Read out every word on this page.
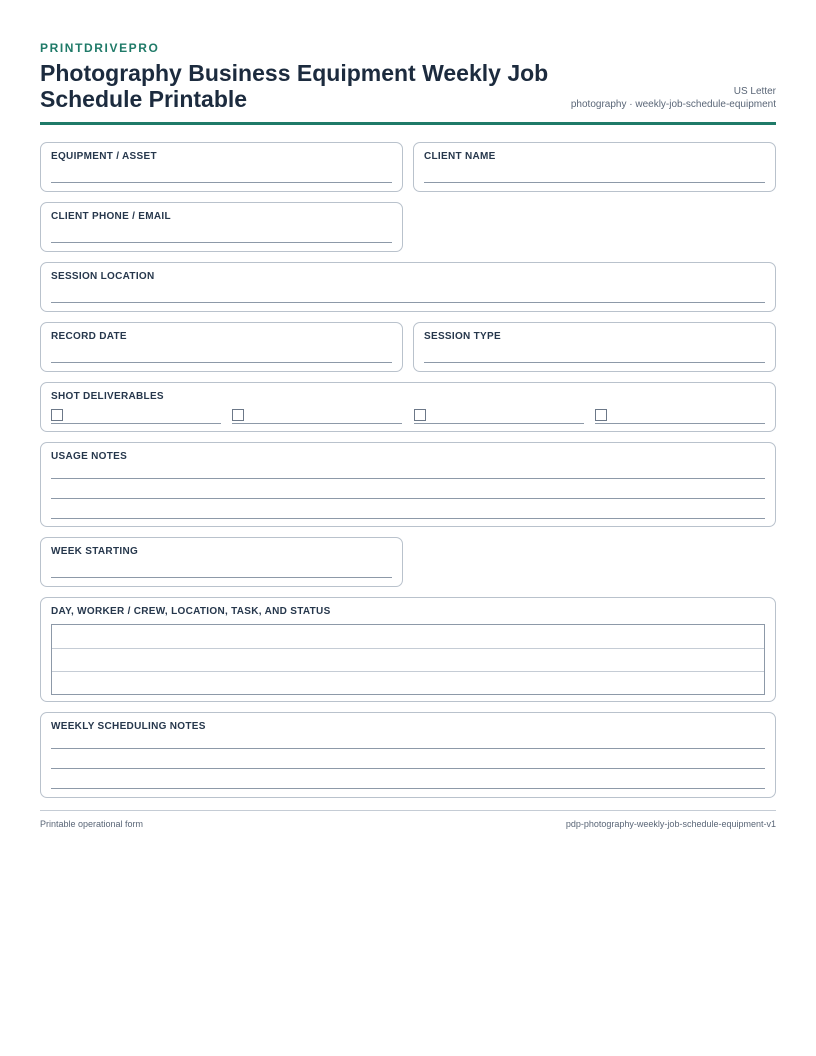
PRINTDRIVEPRO
Photography Business Equipment Weekly Job Schedule Printable	US Letter
photography · weekly-job-schedule-equipment
EQUIPMENT / ASSET	CLIENT NAME
CLIENT PHONE / EMAIL
SESSION LOCATION
RECORD DATE	SESSION TYPE
SHOT DELIVERABLES
USAGE NOTES
WEEK STARTING
DAY, WORKER / CREW, LOCATION, TASK, AND STATUS
WEEKLY SCHEDULING NOTES
Printable operational form	pdp-photography-weekly-job-schedule-equipment-v1
